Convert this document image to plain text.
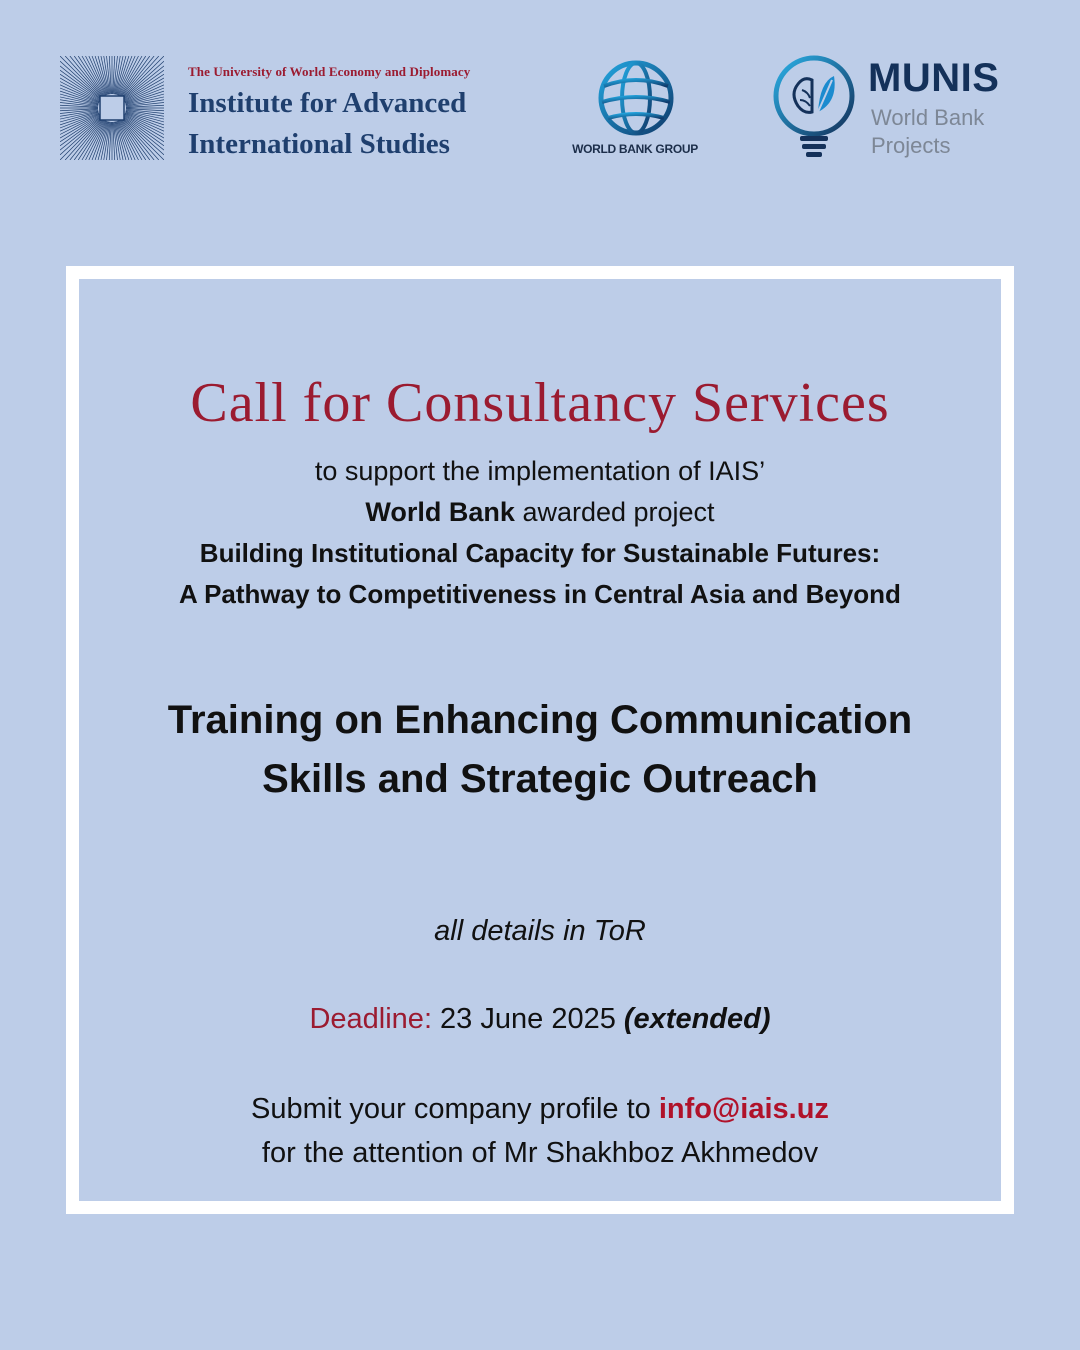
The University of World Economy and Diplomacy
Institute for Advanced
International Studies	WORLD BANK GROUP
MUNIS
World Bank
Projects
Call for Consultancy Services
to support the implementation of IAIS’
World Bank awarded project
Building Institutional Capacity for Sustainable Futures:
A Pathway to Competitiveness in Central Asia and Beyond
Training on Enhancing Communication
Skills and Strategic Outreach
all details in ToR
Deadline: 23 June 2025 (extended)
Submit your company profile to info@iais.uz
for the attention of Mr Shakhboz Akhmedov
